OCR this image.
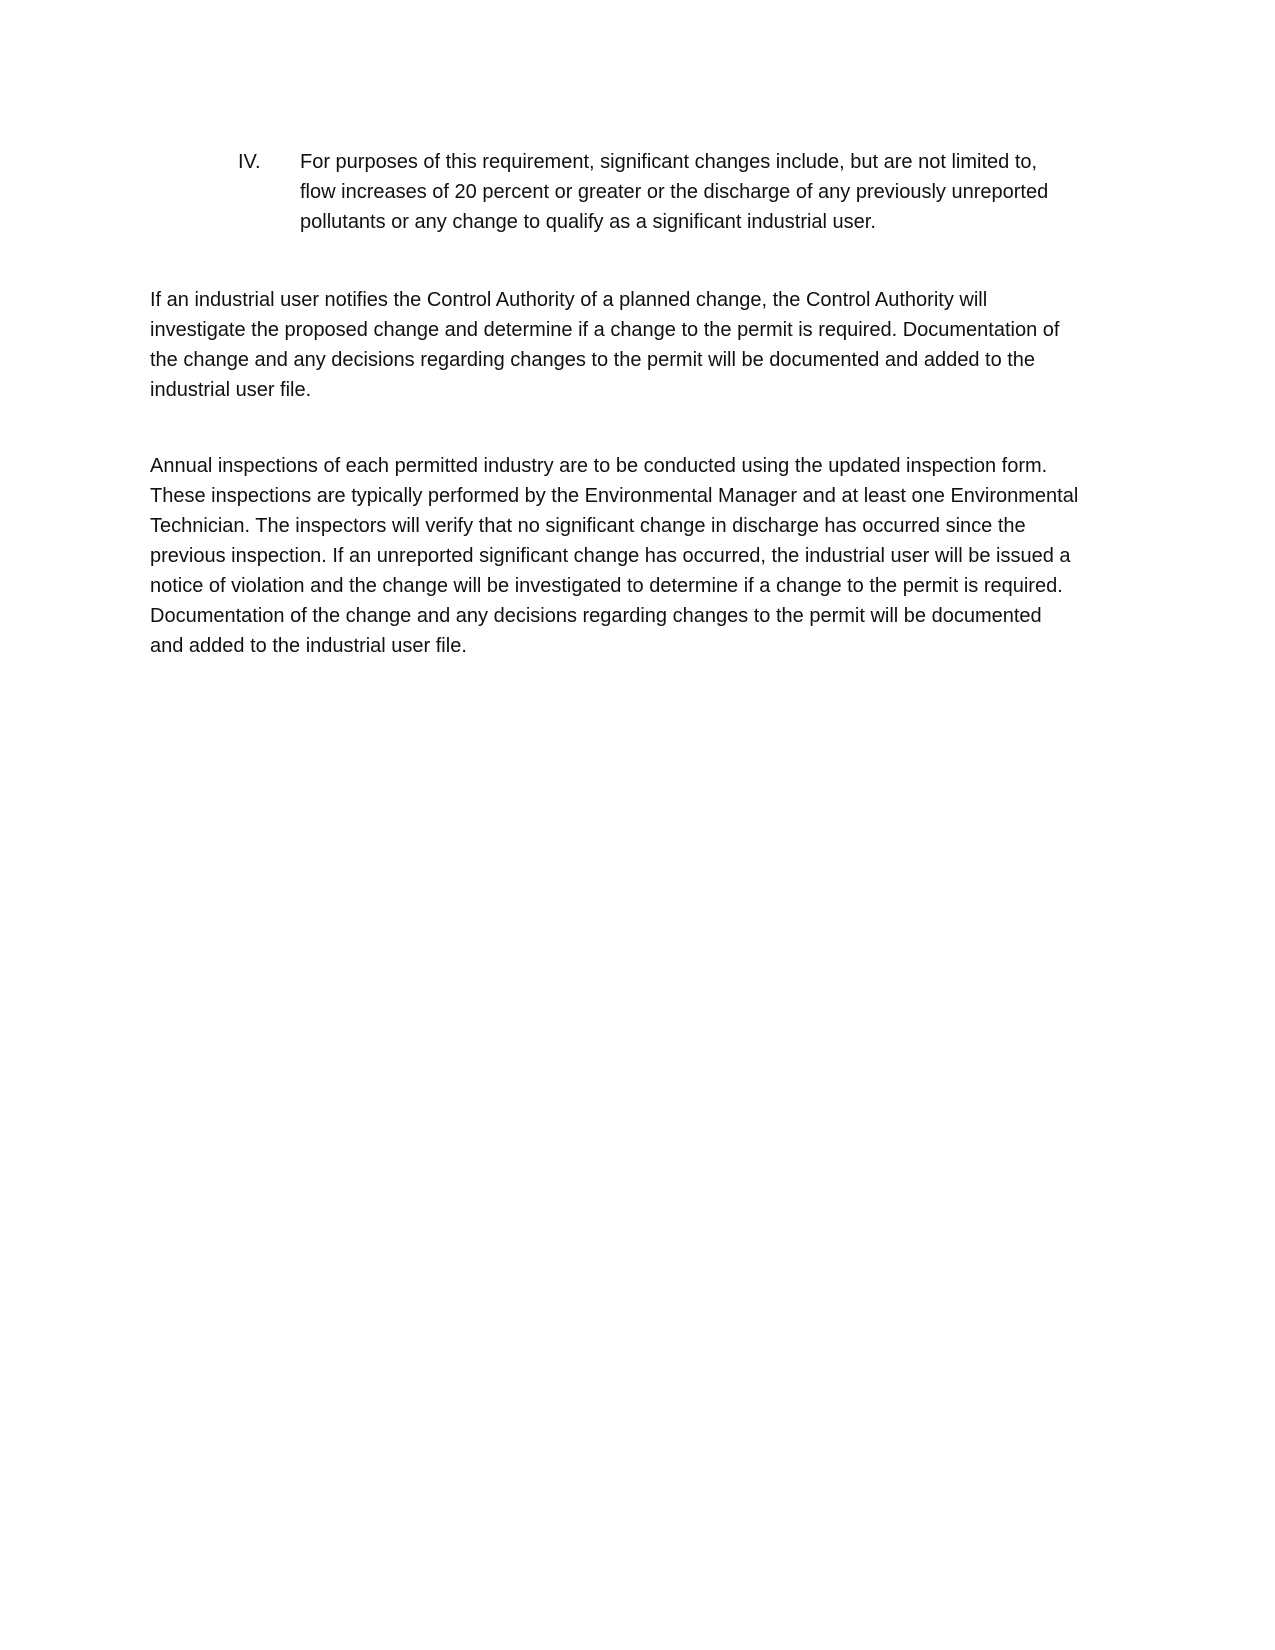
IV. For purposes of this requirement, significant changes include, but are not limited to,
flow increases of 20 percent or greater or the discharge of any previously unreported
pollutants or any change to qualify as a significant industrial user.
If an industrial user notifies the Control Authority of a planned change, the Control Authority will
investigate the proposed change and determine if a change to the permit is required. Documentation of
the change and any decisions regarding changes to the permit will be documented and added to the
industrial user file.
Annual inspections of each permitted industry are to be conducted using the updated inspection form.
These inspections are typically performed by the Environmental Manager and at least one Environmental
Technician. The inspectors will verify that no significant change in discharge has occurred since the
previous inspection. If an unreported significant change has occurred, the industrial user will be issued a
notice of violation and the change will be investigated to determine if a change to the permit is required.
Documentation of the change and any decisions regarding changes to the permit will be documented
and added to the industrial user file.
